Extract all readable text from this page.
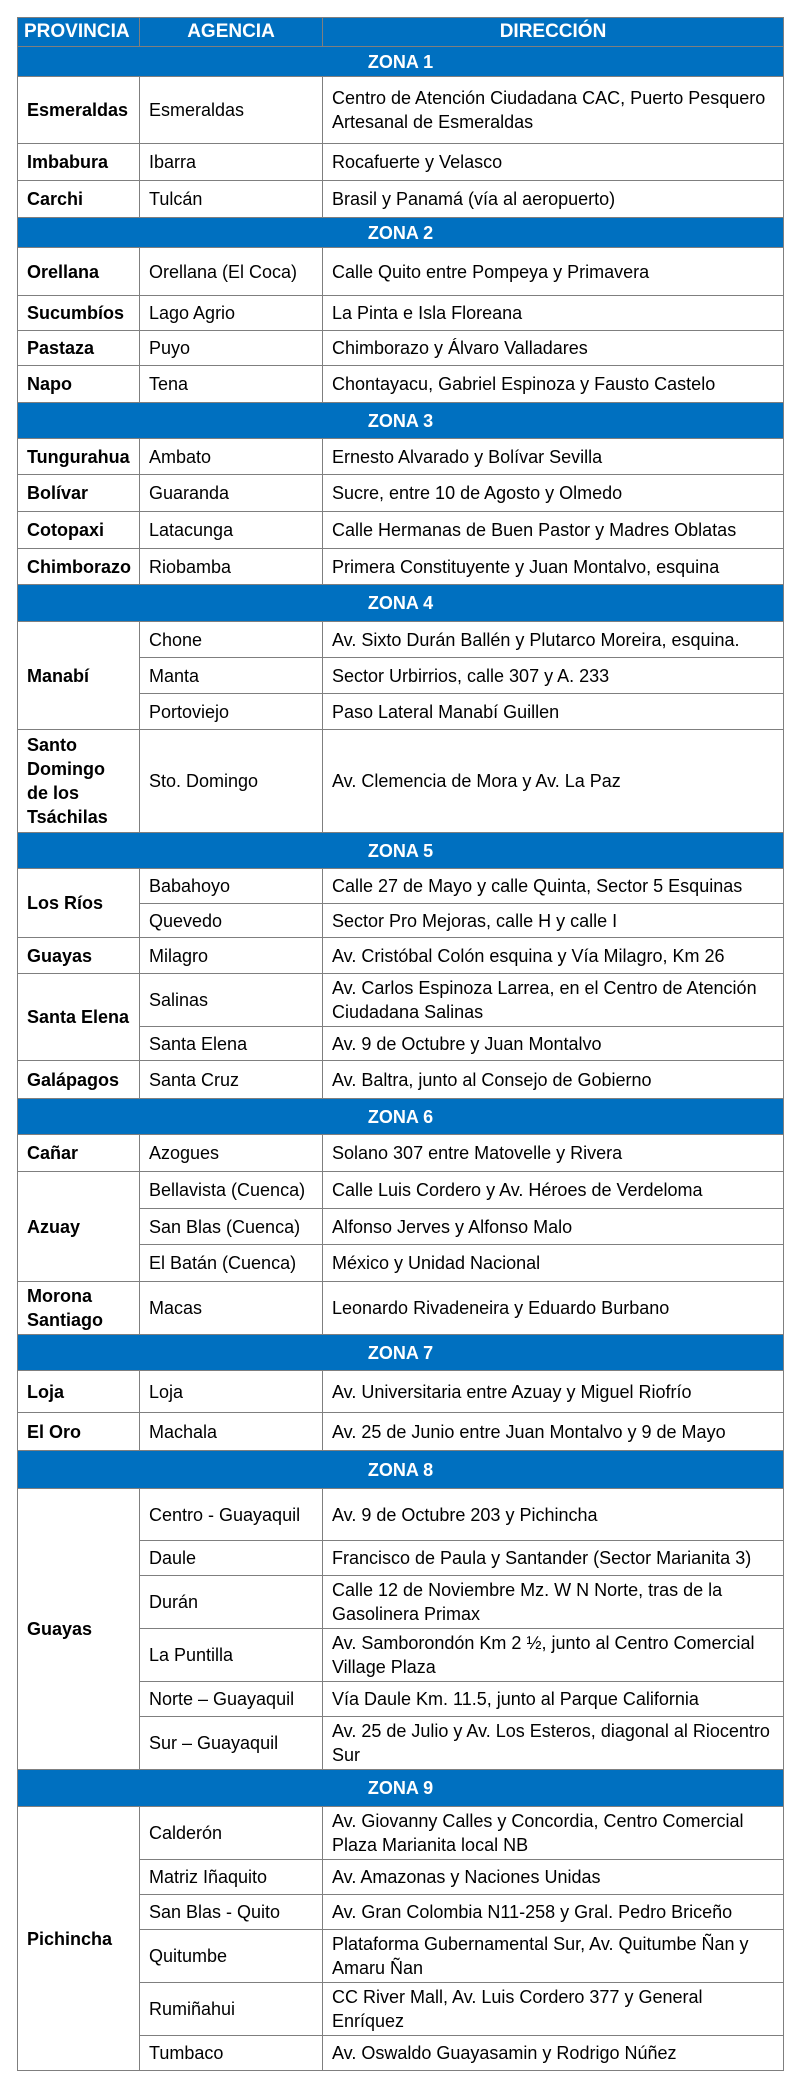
PROVINCIA	AGENCIA	DIRECCIÓN
ZONA 1		
Esmeraldas	Esmeraldas	Centro de Atención Ciudadana CAC, Puerto Pesquero Artesanal de Esmeraldas
Imbabura	Ibarra	Rocafuerte y Velasco
Carchi	Tulcán	Brasil y Panamá (vía al aeropuerto)
ZONA 2		
Orellana	Orellana (El Coca)	Calle Quito entre Pompeya y Primavera
Sucumbíos	Lago Agrio	La Pinta e Isla Floreana
Pastaza	Puyo	Chimborazo y Álvaro Valladares
Napo	Tena	Chontayacu, Gabriel Espinoza y Fausto Castelo
ZONA 3		
Tungurahua	Ambato	Ernesto Alvarado y Bolívar Sevilla
Bolívar	Guaranda	Sucre, entre 10 de Agosto y Olmedo
Cotopaxi	Latacunga	Calle Hermanas de Buen Pastor y Madres Oblatas
Chimborazo	Riobamba	Primera Constituyente y Juan Montalvo, esquina
ZONA 4		
Manabí	Chone	Av. Sixto Durán Ballén y Plutarco Moreira, esquina.
	Manta	Sector Urbirrios, calle 307 y A. 233
	Portoviejo	Paso Lateral Manabí Guillen
Santo Domingo de los Tsáchilas	Sto. Domingo	Av. Clemencia de Mora y Av. La Paz
ZONA 5		
Los Ríos	Babahoyo	Calle 27 de Mayo y calle Quinta, Sector 5 Esquinas
	Quevedo	Sector Pro Mejoras, calle H y calle I
Guayas	Milagro	Av. Cristóbal Colón esquina y Vía Milagro, Km 26
Santa Elena	Salinas	Av. Carlos Espinoza Larrea, en el Centro de Atención Ciudadana Salinas
	Santa Elena	Av. 9 de Octubre y Juan Montalvo
Galápagos	Santa Cruz	Av. Baltra, junto al Consejo de Gobierno
ZONA 6		
Cañar	Azogues	Solano 307 entre Matovelle y Rivera
Azuay	Bellavista (Cuenca)	Calle Luis Cordero y Av. Héroes de Verdeloma
	San Blas (Cuenca)	Alfonso Jerves y Alfonso Malo
	El Batán (Cuenca)	México y Unidad Nacional
Morona Santiago	Macas	Leonardo Rivadeneira y Eduardo Burbano
ZONA 7		
Loja	Loja	Av. Universitaria entre Azuay y Miguel Riofrío
El Oro	Machala	Av. 25 de Junio entre Juan Montalvo y 9 de Mayo
ZONA 8		
Guayas	Centro - Guayaquil	Av. 9 de Octubre 203 y Pichincha
	Daule	Francisco de Paula y Santander (Sector Marianita 3)
	Durán	Calle 12 de Noviembre Mz. W N Norte, tras de la Gasolinera Primax
	La Puntilla	Av. Samborondón Km 2 ½, junto al Centro Comercial Village Plaza
	Norte – Guayaquil	Vía Daule Km. 11.5, junto al Parque California
	Sur – Guayaquil	Av. 25 de Julio y Av. Los Esteros, diagonal al Riocentro Sur
ZONA 9		
Pichincha	Calderón	Av. Giovanny Calles y Concordia, Centro Comercial Plaza Marianita local NB
	Matriz Iñaquito	Av. Amazonas y Naciones Unidas
	San Blas - Quito	Av. Gran Colombia N11-258 y Gral. Pedro Briceño
	Quitumbe	Plataforma Gubernamental Sur, Av. Quitumbe Ñan y Amaru Ñan
	Rumiñahui	CC River Mall, Av. Luis Cordero 377 y General Enríquez
	Tumbaco	Av. Oswaldo Guayasamin y Rodrigo Núñez
